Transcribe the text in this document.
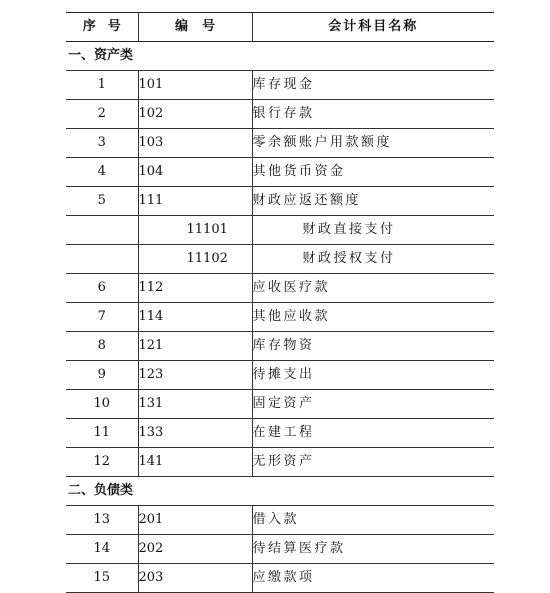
序号	编号	会计科目名称
一、资产类		
1	101	库存现金
2	102	银行存款
3	103	零余额账户用款额度
4	104	其他货币资金
5	111	财政应返还额度
	11101	财政直接支付
	11102	财政授权支付
6	112	应收医疗款
7	114	其他应收款
8	121	库存物资
9	123	待摊支出
10	131	固定资产
11	133	在建工程
12	141	无形资产
二、负债类		
13	201	借入款
14	202	待结算医疗款
15	203	应缴款项
